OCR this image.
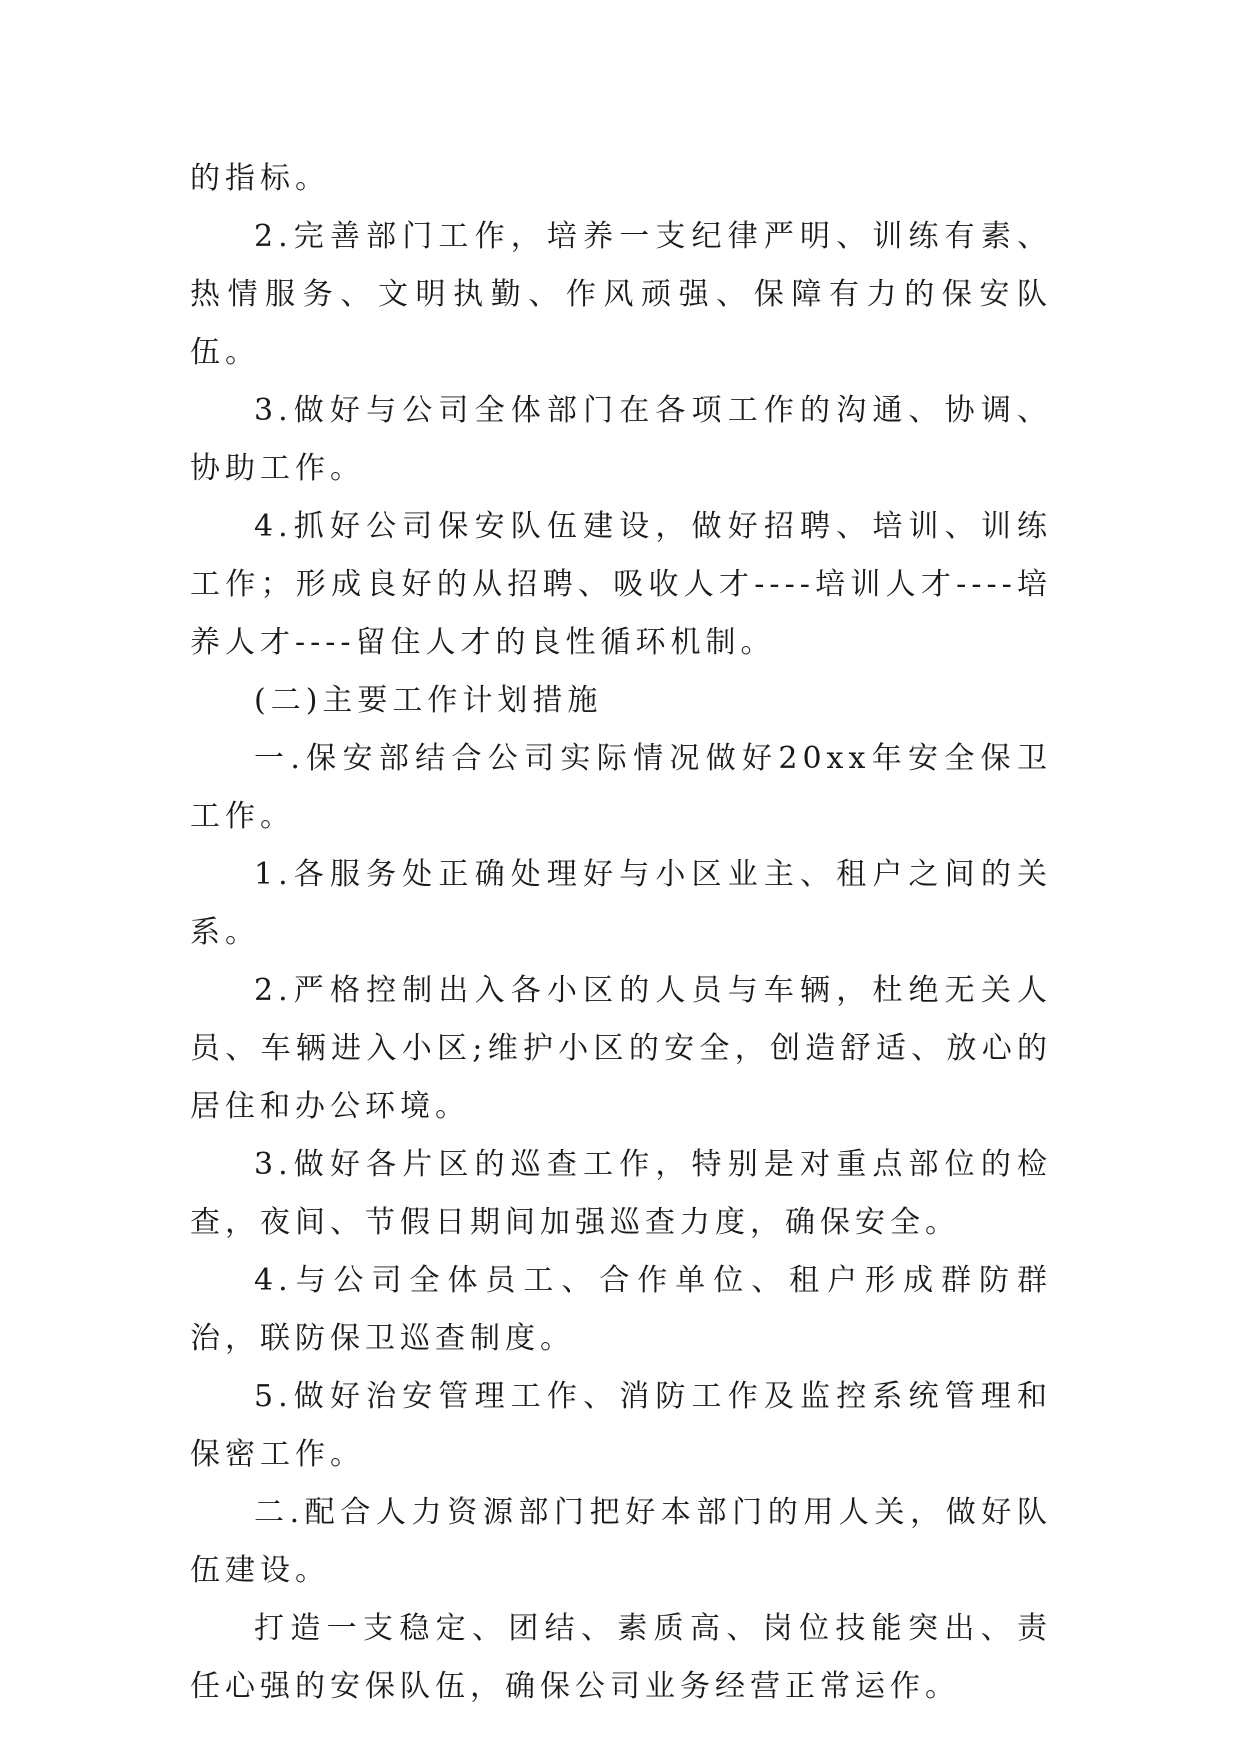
的指标。

2.完善部门工作，培养一支纪律严明、训练有素、热情服务、文明执勤、作风顽强、保障有力的保安队伍。

3.做好与公司全体部门在各项工作的沟通、协调、协助工作。

4.抓好公司保安队伍建设，做好招聘、培训、训练工作；形成良好的从招聘、吸收人才----培训人才----培养人才----留住人才的良性循环机制。

(二)主要工作计划措施

一.保安部结合公司实际情况做好20xx年安全保卫工作。

1.各服务处正确处理好与小区业主、租户之间的关系。

2.严格控制出入各小区的人员与车辆，杜绝无关人员、车辆进入小区;维护小区的安全，创造舒适、放心的居住和办公环境。

3.做好各片区的巡查工作，特别是对重点部位的检查，夜间、节假日期间加强巡查力度，确保安全。

4.与公司全体员工、合作单位、租户形成群防群治，联防保卫巡查制度。

5.做好治安管理工作、消防工作及监控系统管理和保密工作。

二.配合人力资源部门把好本部门的用人关，做好队伍建设。

打造一支稳定、团结、素质高、岗位技能突出、责任心强的安保队伍，确保公司业务经营正常运作。
